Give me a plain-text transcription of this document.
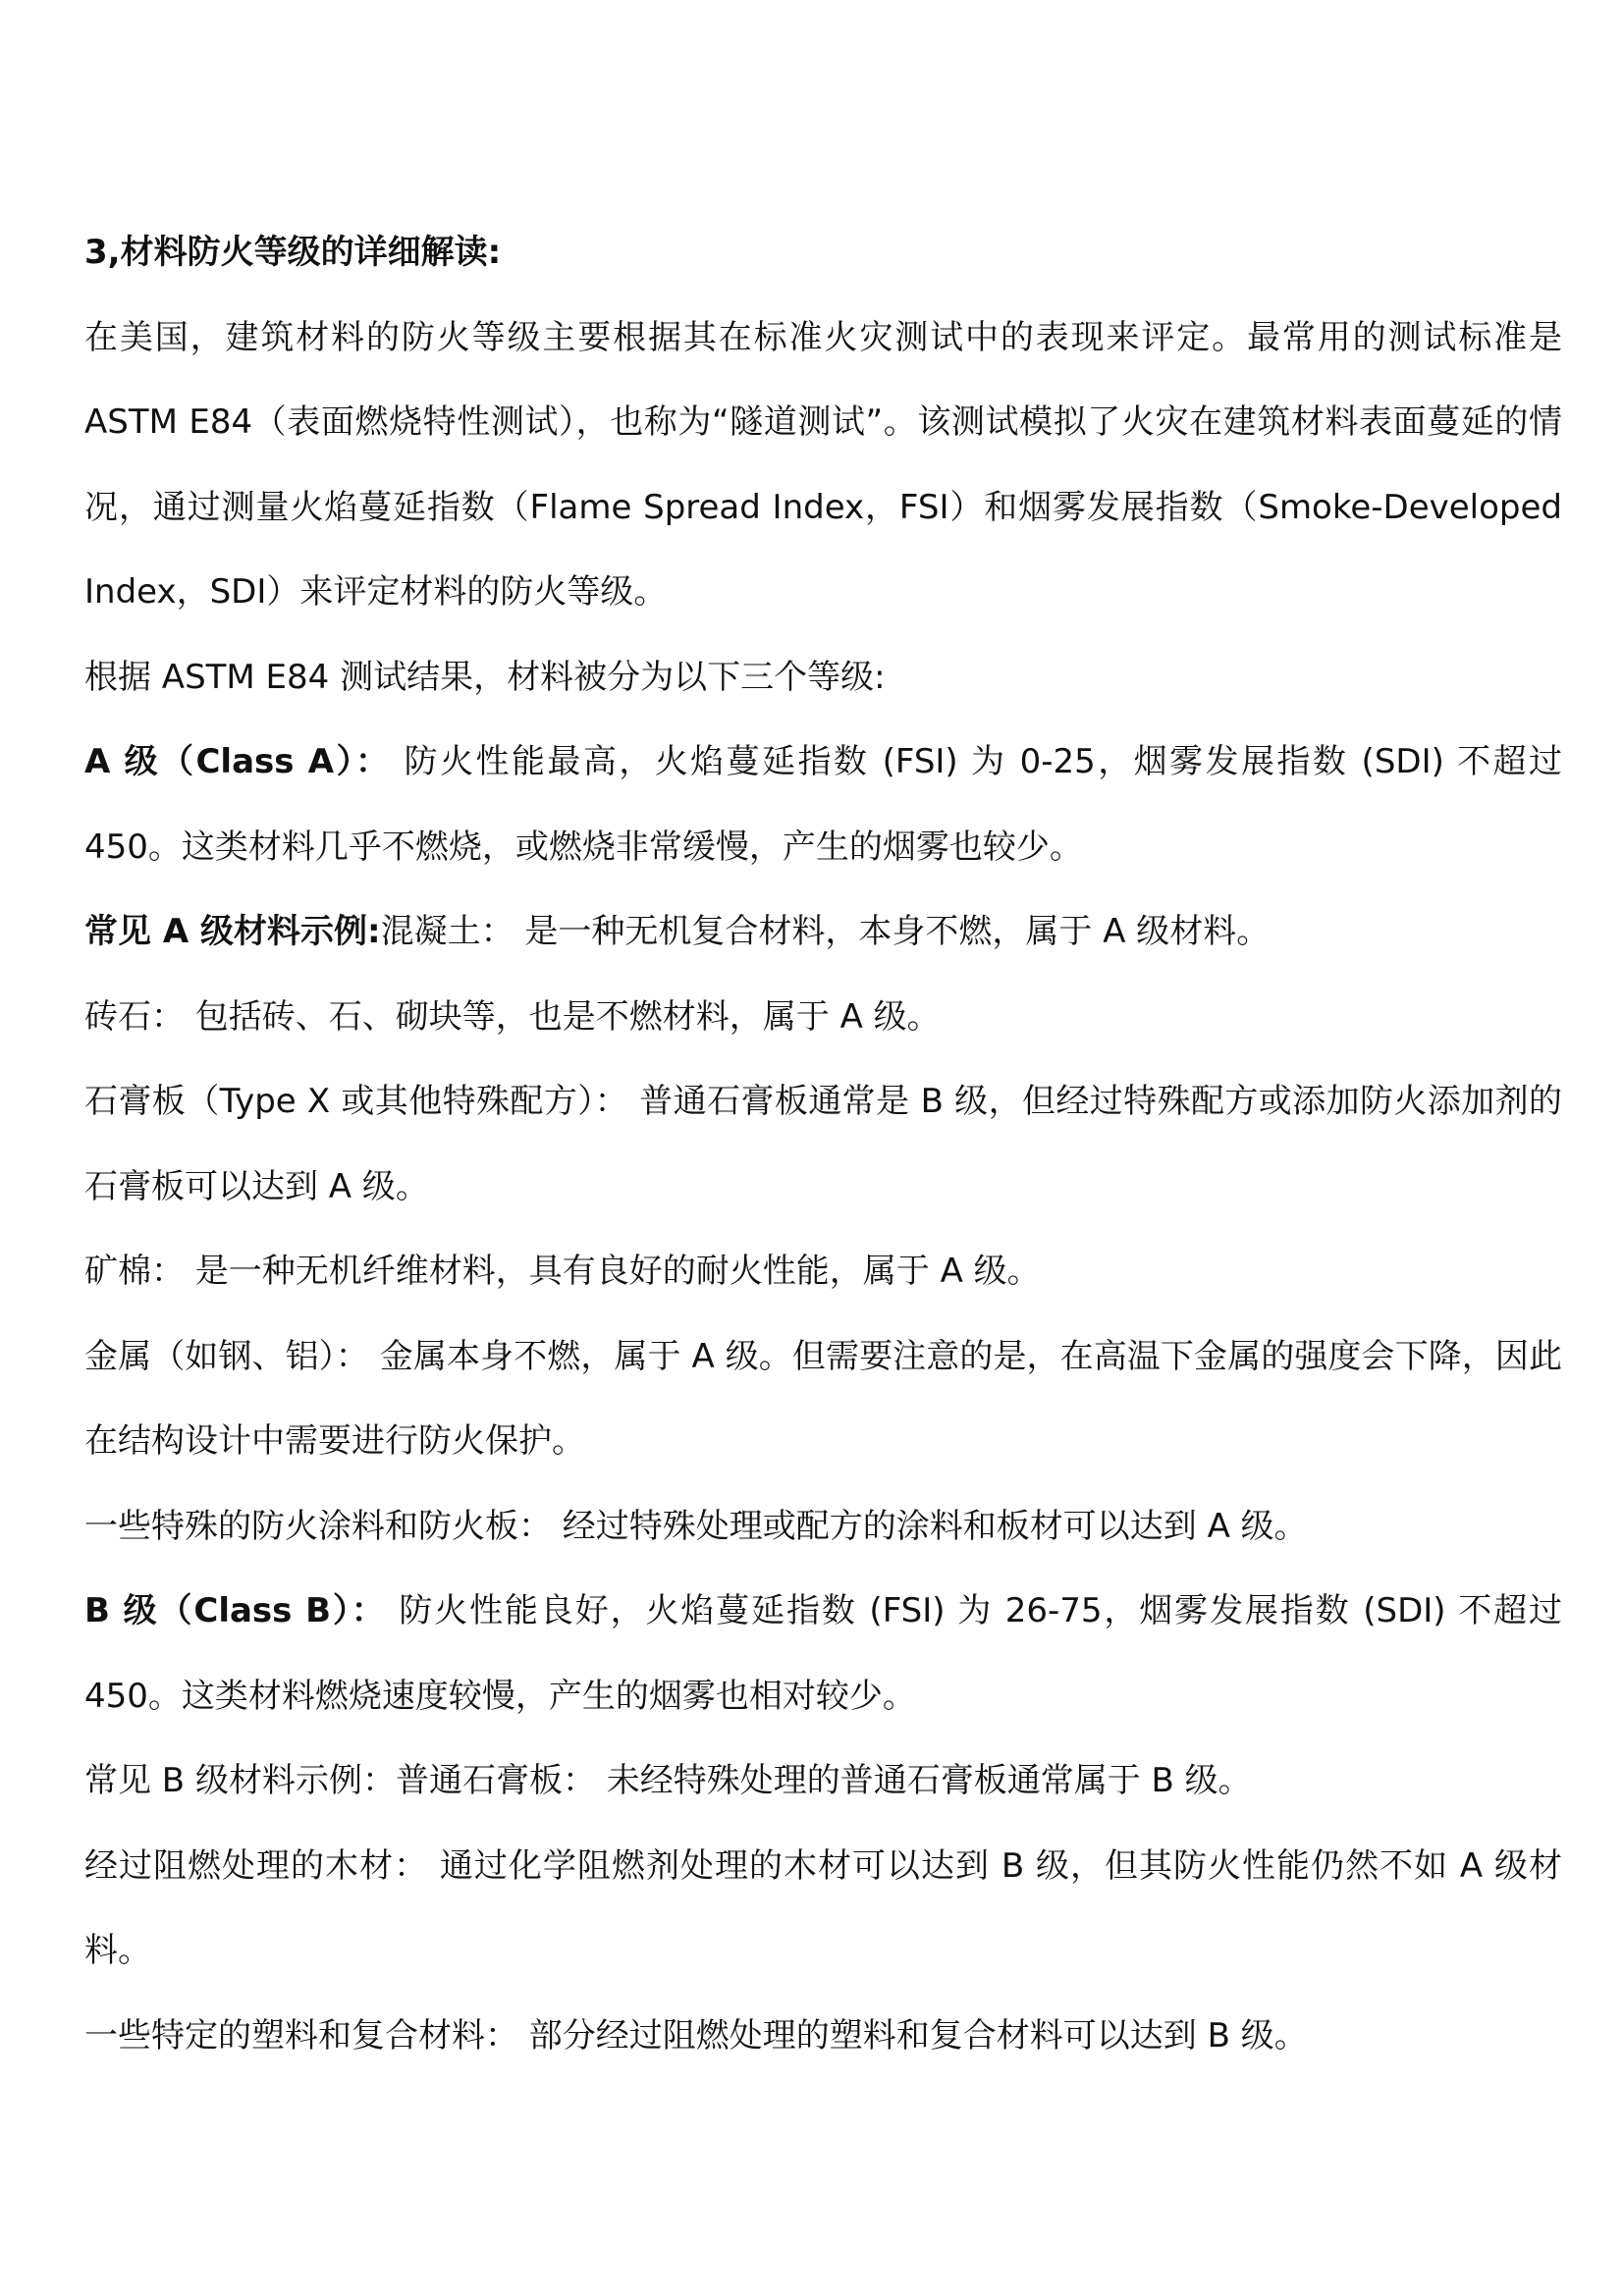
3,材料防火等级的详细解读:

在美国，建筑材料的防火等级主要根据其在标准火灾测试中的表现来评定。最常用的测试标准是 ASTM E84（表面燃烧特性测试），也称为“隧道测试”。该测试模拟了火灾在建筑材料表面蔓延的情况，通过测量火焰蔓延指数（Flame Spread Index，FSI）和烟雾发展指数（Smoke-Developed Index，SDI）来评定材料的防火等级。

根据 ASTM E84 测试结果，材料被分为以下三个等级:

A 级（Class A）： 防火性能最高，火焰蔓延指数 (FSI) 为 0-25，烟雾发展指数 (SDI) 不超过 450。这类材料几乎不燃烧，或燃烧非常缓慢，产生的烟雾也较少。

常见 A 级材料示例:混凝土： 是一种无机复合材料，本身不燃，属于 A 级材料。

砖石： 包括砖、石、砌块等，也是不燃材料，属于 A 级。

石膏板（Type X 或其他特殊配方）： 普通石膏板通常是 B 级，但经过特殊配方或添加防火添加剂的石膏板可以达到 A 级。

矿棉： 是一种无机纤维材料，具有良好的耐火性能，属于 A 级。

金属（如钢、铝）： 金属本身不燃，属于 A 级。但需要注意的是，在高温下金属的强度会下降，因此在结构设计中需要进行防火保护。

一些特殊的防火涂料和防火板： 经过特殊处理或配方的涂料和板材可以达到 A 级。

B 级（Class B）： 防火性能良好，火焰蔓延指数 (FSI) 为 26-75，烟雾发展指数 (SDI) 不超过 450。这类材料燃烧速度较慢，产生的烟雾也相对较少。

常见 B 级材料示例：普通石膏板： 未经特殊处理的普通石膏板通常属于 B 级。

经过阻燃处理的木材： 通过化学阻燃剂处理的木材可以达到 B 级，但其防火性能仍然不如 A 级材料。

一些特定的塑料和复合材料： 部分经过阻燃处理的塑料和复合材料可以达到 B 级。
